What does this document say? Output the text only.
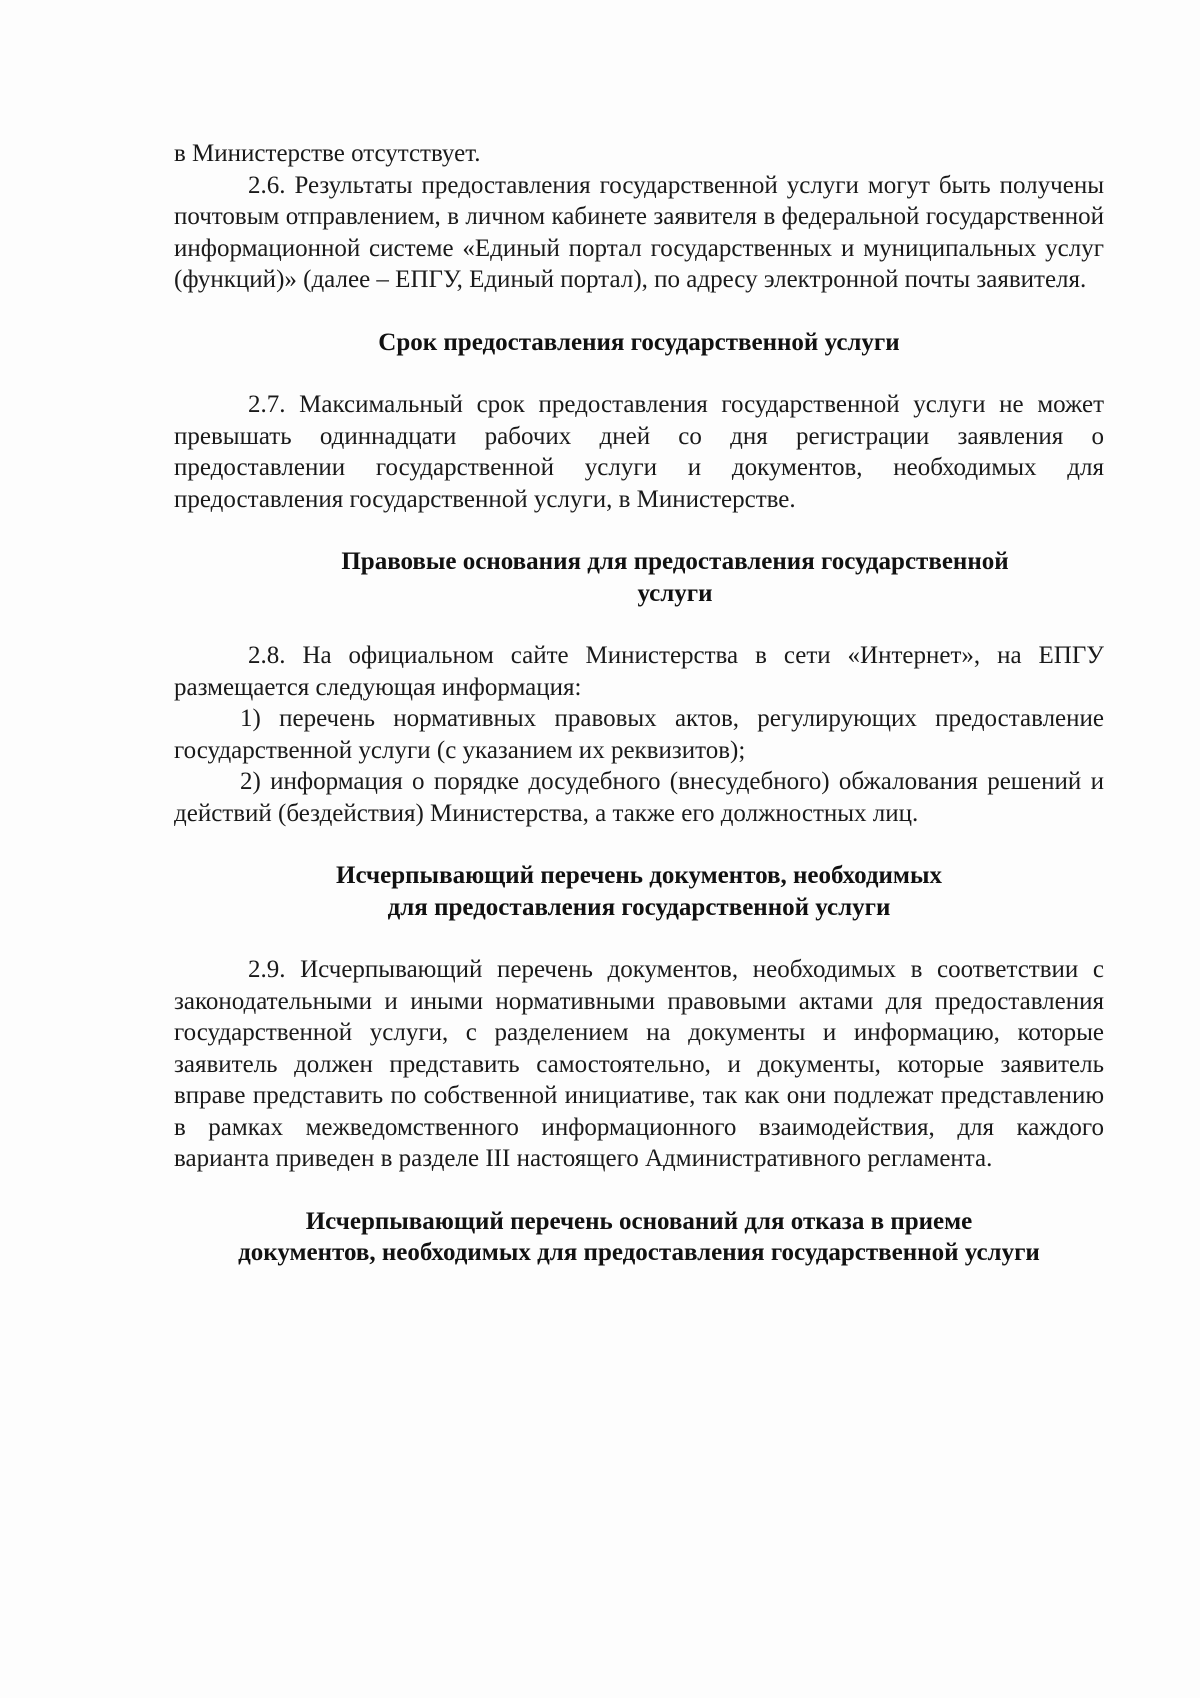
в Министерстве отсутствует.

2.6. Результаты предоставления государственной услуги могут быть получены почтовым отправлением, в личном кабинете заявителя в федеральной государственной информационной системе «Единый портал государственных и муниципальных услуг (функций)» (далее – ЕПГУ, Единый портал), по адресу электронной почты заявителя.

Срок предоставления государственной услуги

2.7. Максимальный срок предоставления государственной услуги не может превышать одиннадцати рабочих дней со дня регистрации заявления о предоставлении государственной услуги и документов, необходимых для предоставления государственной услуги, в Министерстве.

Правовые основания для предоставления государственной
услуги

2.8. На официальном сайте Министерства в сети «Интернет», на ЕПГУ размещается следующая информация:

1) перечень нормативных правовых актов, регулирующих предоставление государственной услуги (с указанием их реквизитов);

2) информация о порядке досудебного (внесудебного) обжалования решений и действий (бездействия) Министерства, а также его должностных лиц.

Исчерпывающий перечень документов, необходимых
для предоставления государственной услуги

2.9. Исчерпывающий перечень документов, необходимых в соответствии с законодательными и иными нормативными правовыми актами для предоставления государственной услуги, с разделением на документы и информацию, которые заявитель должен представить самостоятельно, и документы, которые заявитель вправе представить по собственной инициативе, так как они подлежат представлению в рамках межведомственного информационного взаимодействия, для каждого варианта приведен в разделе III настоящего Административного регламента.

Исчерпывающий перечень оснований для отказа в приеме
документов, необходимых для предоставления государственной услуги
